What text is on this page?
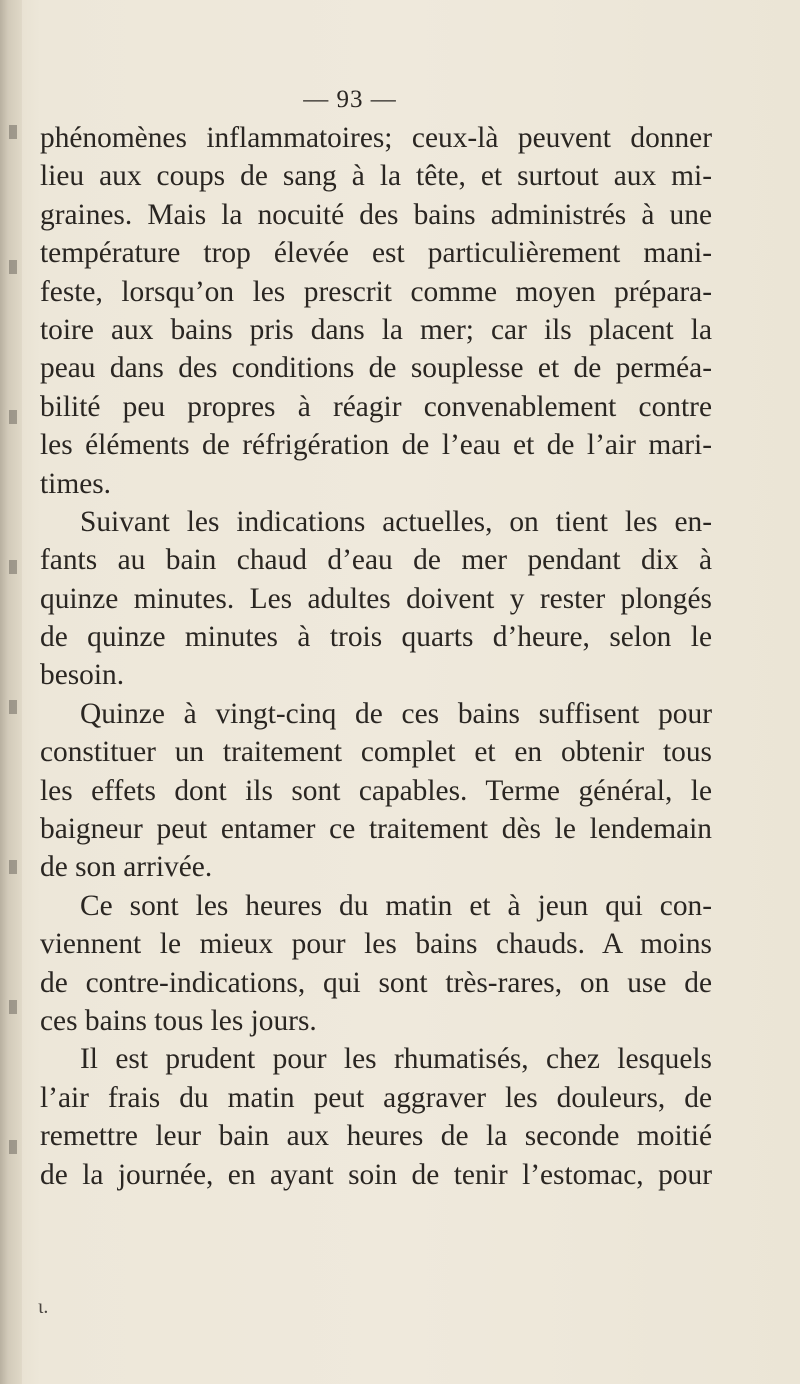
— 93 —
phénomènes inflammatoires; ceux-là peuvent donner
lieu aux coups de sang à la tête, et surtout aux mi-
graines. Mais la nocuité des bains administrés à une
température trop élevée est particulièrement mani-
feste, lorsqu’on les prescrit comme moyen prépara-
toire aux bains pris dans la mer; car ils placent la
peau dans des conditions de souplesse et de perméa-
bilité peu propres à réagir convenablement contre
les éléments de réfrigération de l’eau et de l’air mari-
times.
Suivant les indications actuelles, on tient les en-
fants au bain chaud d’eau de mer pendant dix à
quinze minutes. Les adultes doivent y rester plongés
de quinze minutes à trois quarts d’heure, selon le
besoin.
Quinze à vingt-cinq de ces bains suffisent pour
constituer un traitement complet et en obtenir tous
les effets dont ils sont capables. Terme général, le
baigneur peut entamer ce traitement dès le lendemain
de son arrivée.
Ce sont les heures du matin et à jeun qui con-
viennent le mieux pour les bains chauds. A moins
de contre-indications, qui sont très-rares, on use de
ces bains tous les jours.
Il est prudent pour les rhumatisés, chez lesquels
l’air frais du matin peut aggraver les douleurs, de
remettre leur bain aux heures de la seconde moitié
de la journée, en ayant soin de tenir l’estomac, pour
ι.
